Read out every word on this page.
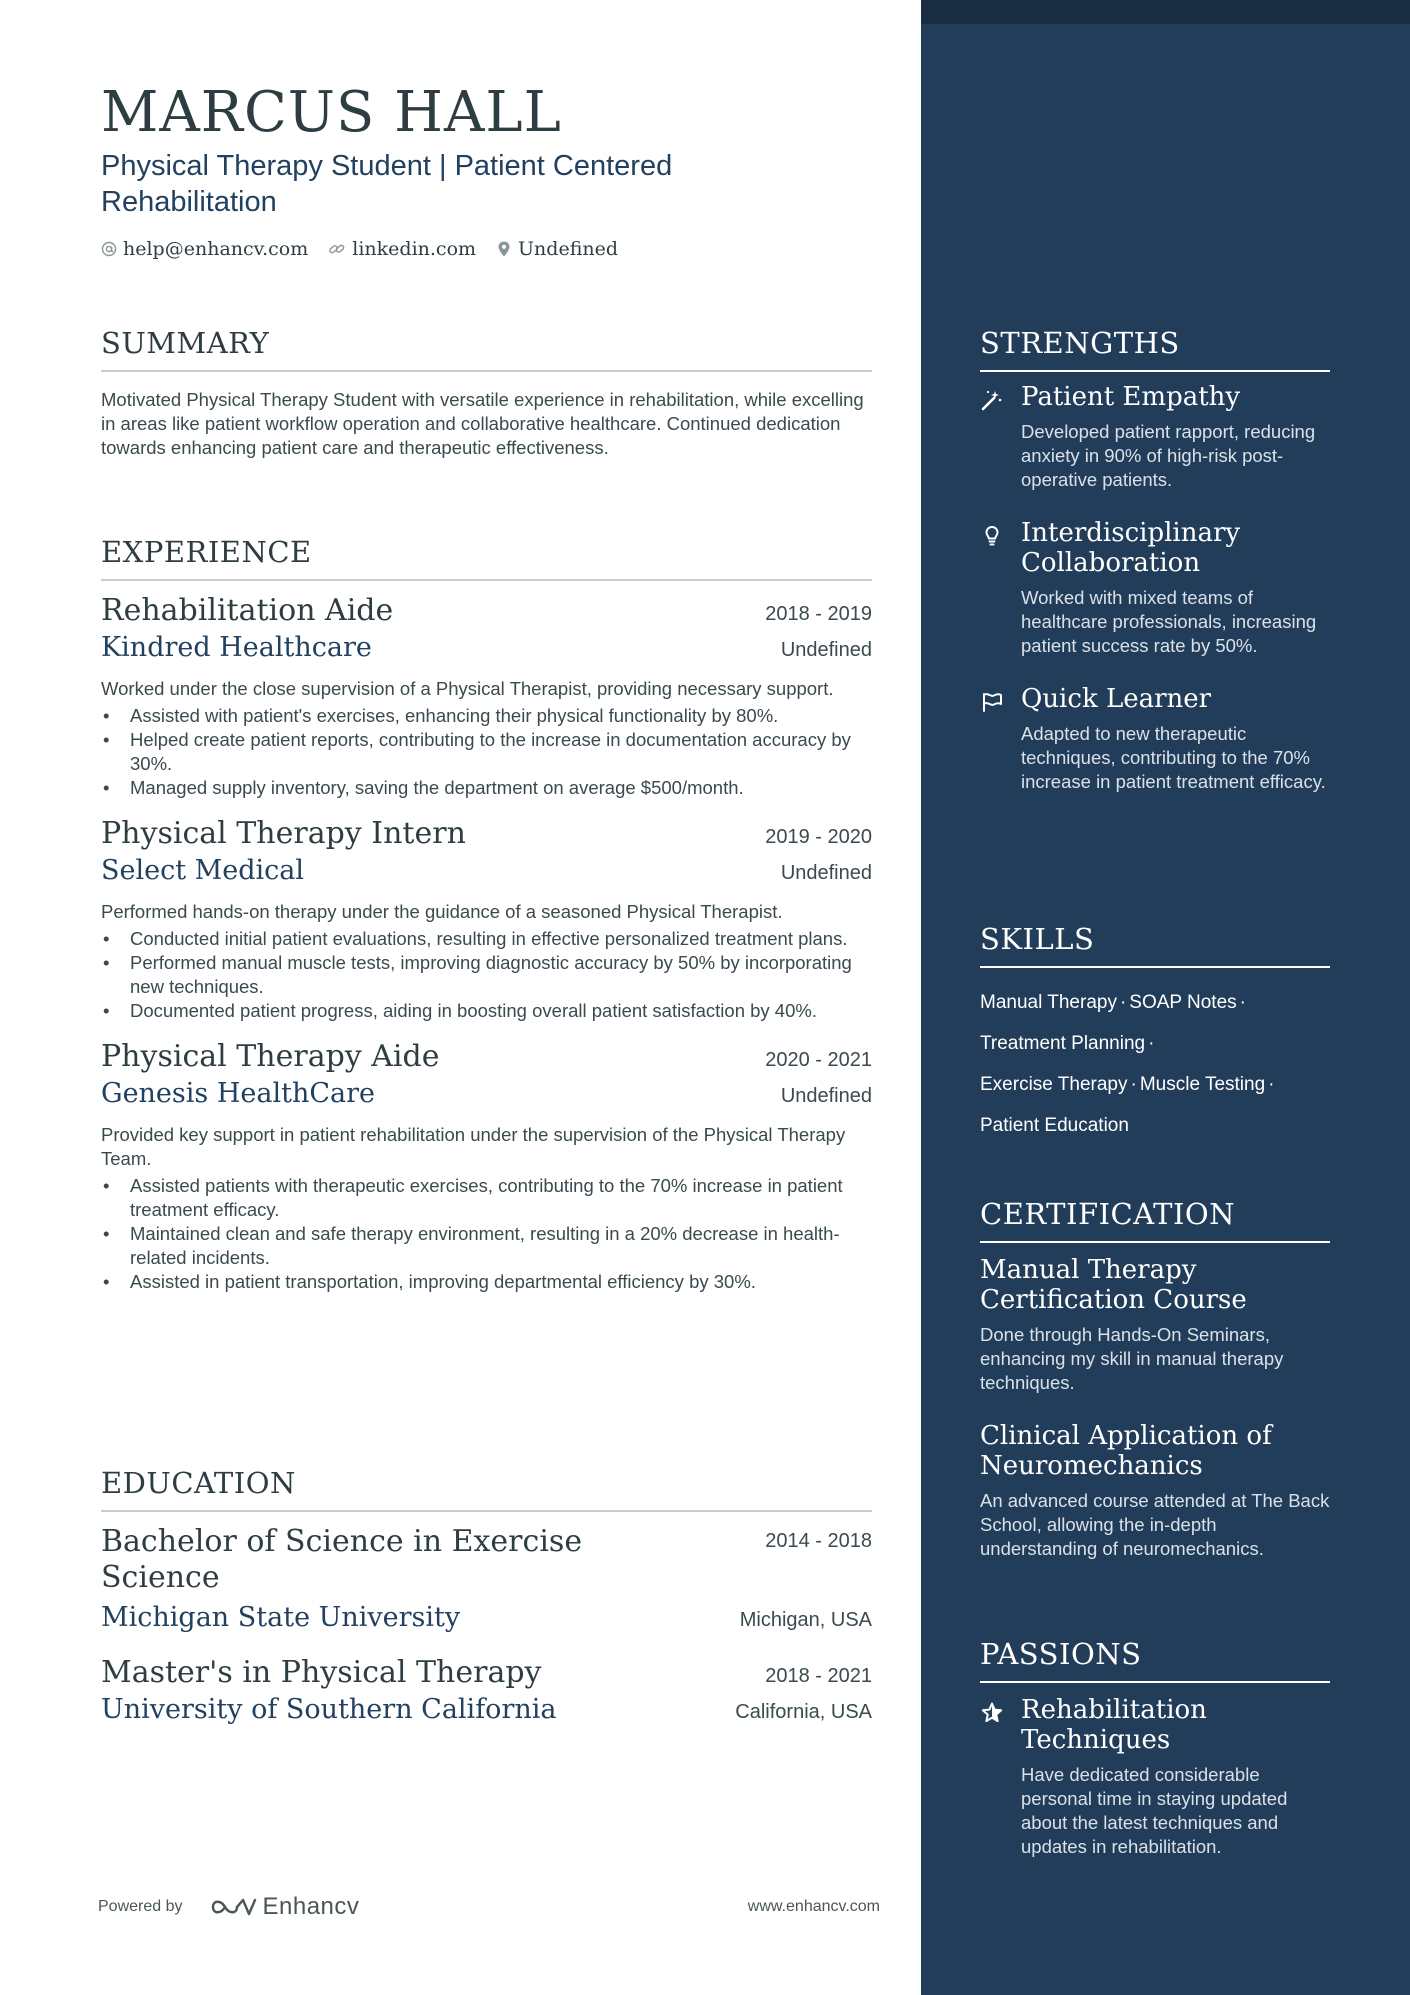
MARCUS HALL
Physical Therapy Student | Patient Centered Rehabilitation
help@enhancv.com linkedin.com Undefined
SUMMARY
Motivated Physical Therapy Student with versatile experience in rehabilitation, while excelling in areas like patient workflow operation and collaborative healthcare. Continued dedication towards enhancing patient care and therapeutic effectiveness.
EXPERIENCE
Rehabilitation Aide	2018 - 2019
Kindred Healthcare	Undefined
Worked under the close supervision of a Physical Therapist, providing necessary support.
• Assisted with patient's exercises, enhancing their physical functionality by 80%.
• Helped create patient reports, contributing to the increase in documentation accuracy by 30%.
• Managed supply inventory, saving the department on average $500/month.
Physical Therapy Intern	2019 - 2020
Select Medical	Undefined
Performed hands-on therapy under the guidance of a seasoned Physical Therapist.
• Conducted initial patient evaluations, resulting in effective personalized treatment plans.
• Performed manual muscle tests, improving diagnostic accuracy by 50% by incorporating new techniques.
• Documented patient progress, aiding in boosting overall patient satisfaction by 40%.
Physical Therapy Aide	2020 - 2021
Genesis HealthCare	Undefined
Provided key support in patient rehabilitation under the supervision of the Physical Therapy Team.
• Assisted patients with therapeutic exercises, contributing to the 70% increase in patient treatment efficacy.
• Maintained clean and safe therapy environment, resulting in a 20% decrease in health-related incidents.
• Assisted in patient transportation, improving departmental efficiency by 30%.
EDUCATION
Bachelor of Science in Exercise Science
2014 - 2018
Michigan State University	Michigan, USA
Master's in Physical Therapy	2018 - 2021
University of Southern California	California, USA
Powered by	Enhancv	www.enhancv.com
STRENGTHS
Patient Empathy
Developed patient rapport, reducing anxiety in 90% of high-risk post-operative patients.
Interdisciplinary Collaboration
Worked with mixed teams of healthcare professionals, increasing patient success rate by 50%.
Quick Learner
Adapted to new therapeutic techniques, contributing to the 70% increase in patient treatment efficacy.
SKILLS
Manual Therapy · SOAP Notes ·
Treatment Planning ·
Exercise Therapy · Muscle Testing ·
Patient Education
CERTIFICATION
Manual Therapy Certification Course
Done through Hands-On Seminars, enhancing my skill in manual therapy techniques.
Clinical Application of Neuromechanics
An advanced course attended at The Back School, allowing the in-depth understanding of neuromechanics.
PASSIONS
Rehabilitation Techniques
Have dedicated considerable personal time in staying updated about the latest techniques and updates in rehabilitation.
